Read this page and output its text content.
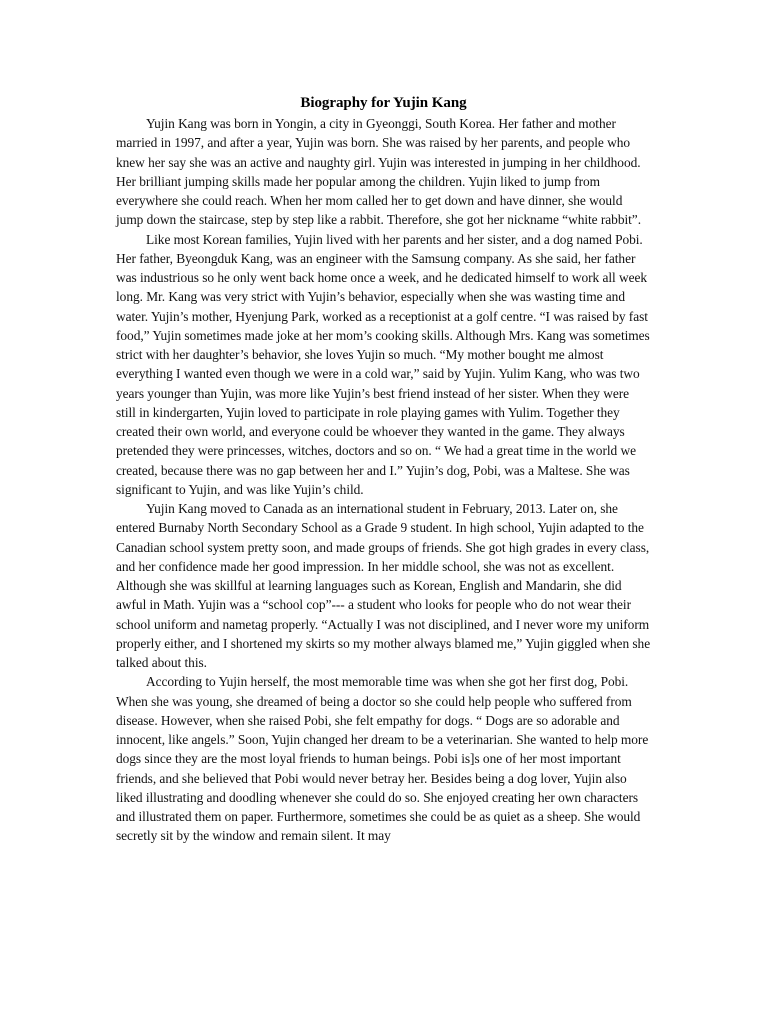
Biography for Yujin Kang

Yujin Kang was born in Yongin, a city in Gyeonggi, South Korea. Her father and mother married in 1997, and after a year, Yujin was born. She was raised by her parents, and people who knew her say she was an active and naughty girl. Yujin was interested in jumping in her childhood. Her brilliant jumping skills made her popular among the children. Yujin liked to jump from everywhere she could reach. When her mom called her to get down and have dinner, she would jump down the staircase, step by step like a rabbit. Therefore, she got her nickname “white rabbit”.

Like most Korean families, Yujin lived with her parents and her sister, and a dog named Pobi. Her father, Byeongduk Kang, was an engineer with the Samsung company. As she said, her father was industrious so he only went back home once a week, and he dedicated himself to work all week long. Mr. Kang was very strict with Yujin’s behavior, especially when she was wasting time and water. Yujin’s mother, Hyenjung Park, worked as a receptionist at a golf centre. “I was raised by fast food,” Yujin sometimes made joke at her mom’s cooking skills. Although Mrs. Kang was sometimes strict with her daughter’s behavior, she loves Yujin so much. “My mother bought me almost everything I wanted even though we were in a cold war,” said by Yujin. Yulim Kang, who was two years younger than Yujin, was more like Yujin’s best friend instead of her sister. When they were still in kindergarten, Yujin loved to participate in role playing games with Yulim. Together they created their own world, and everyone could be whoever they wanted in the game. They always pretended they were princesses, witches, doctors and so on. “ We had a great time in the world we created, because there was no gap between her and I.” Yujin’s dog, Pobi, was a Maltese. She was significant to Yujin, and was like Yujin’s child.

Yujin Kang moved to Canada as an international student in February, 2013. Later on, she entered Burnaby North Secondary School as a Grade 9 student. In high school, Yujin adapted to the Canadian school system pretty soon, and made groups of friends. She got high grades in every class, and her confidence made her good impression. In her middle school, she was not as excellent. Although she was skillful at learning languages such as Korean, English and Mandarin, she did awful in Math. Yujin was a “school cop”--- a student who looks for people who do not wear their school uniform and nametag properly. “Actually I was not disciplined, and I never wore my uniform properly either, and I shortened my skirts so my mother always blamed me,” Yujin giggled when she talked about this.

According to Yujin herself, the most memorable time was when she got her first dog, Pobi. When she was young, she dreamed of being a doctor so she could help people who suffered from disease. However, when she raised Pobi, she felt empathy for dogs. “ Dogs are so adorable and innocent, like angels.” Soon, Yujin changed her dream to be a veterinarian. She wanted to help more dogs since they are the most loyal friends to human beings. Pobi is]s one of her most important friends, and she believed that Pobi would never betray her. Besides being a dog lover, Yujin also liked illustrating and doodling whenever she could do so. She enjoyed creating her own characters and illustrated them on paper. Furthermore, sometimes she could be as quiet as a sheep. She would secretly sit by the window and remain silent. It may
